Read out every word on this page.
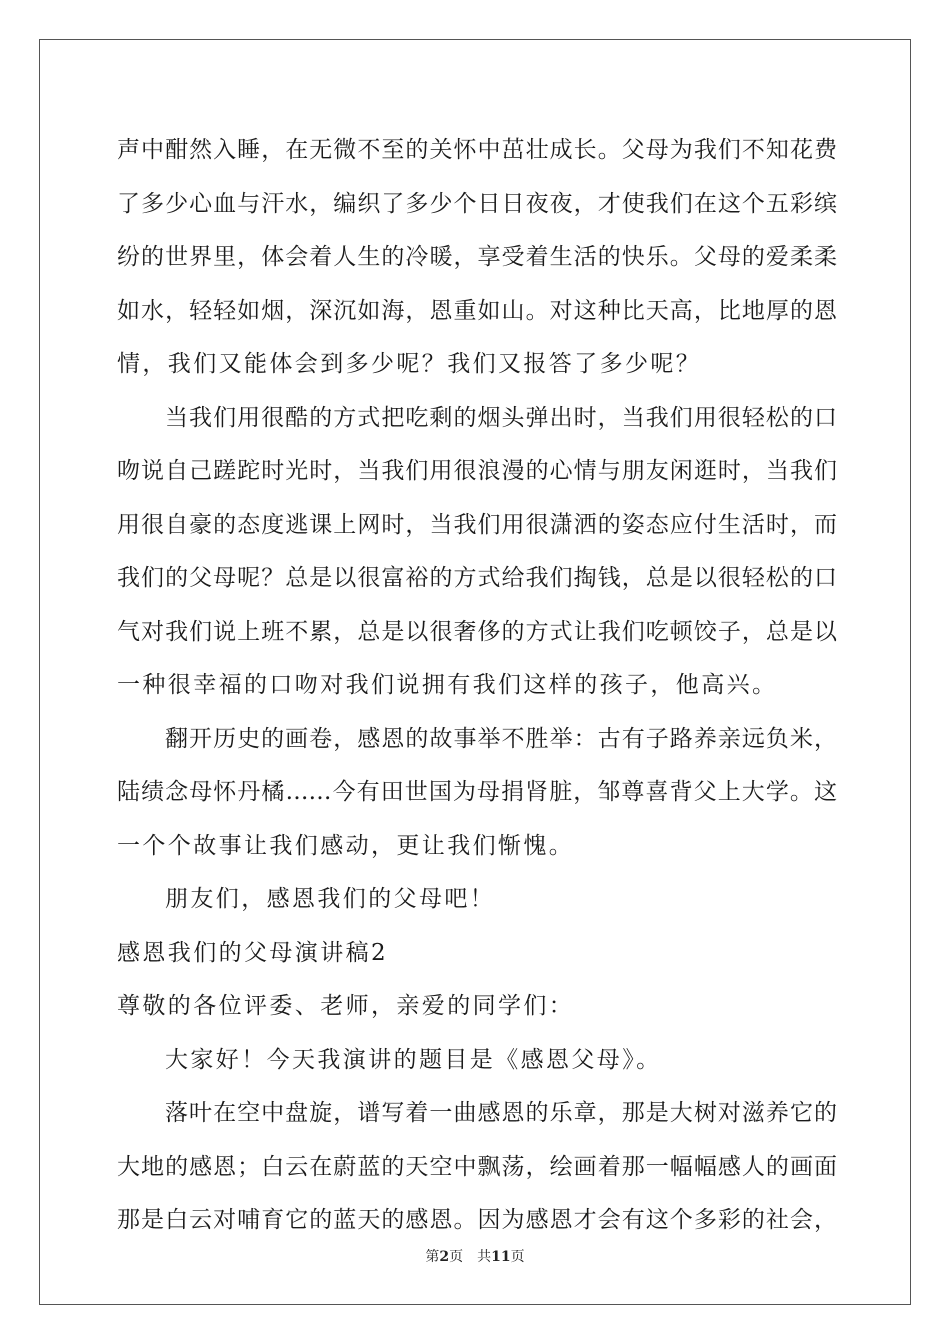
声中酣然入睡，在无微不至的关怀中茁壮成长。父母为我们不知花费
了多少心血与汗水，编织了多少个日日夜夜，才使我们在这个五彩缤
纷的世界里，体会着人生的冷暖，享受着生活的快乐。父母的爱柔柔
如水，轻轻如烟，深沉如海，恩重如山。对这种比天高，比地厚的恩
情，我们又能体会到多少呢？我们又报答了多少呢？
当我们用很酷的方式把吃剩的烟头弹出时，当我们用很轻松的口
吻说自己蹉跎时光时，当我们用很浪漫的心情与朋友闲逛时，当我们
用很自豪的态度逃课上网时，当我们用很潇洒的姿态应付生活时，而
我们的父母呢？总是以很富裕的方式给我们掏钱，总是以很轻松的口
气对我们说上班不累，总是以很奢侈的方式让我们吃顿饺子，总是以
一种很幸福的口吻对我们说拥有我们这样的孩子，他高兴。
翻开历史的画卷，感恩的故事举不胜举：古有子路养亲远负米，
陆绩念母怀丹橘……今有田世国为母捐肾脏，邹尊喜背父上大学。这
一个个故事让我们感动，更让我们惭愧。
朋友们，感恩我们的父母吧！
感恩我们的父母演讲稿2
尊敬的各位评委、老师，亲爱的同学们：
大家好！今天我演讲的题目是《感恩父母》。
落叶在空中盘旋，谱写着一曲感恩的乐章，那是大树对滋养它的
大地的感恩；白云在蔚蓝的天空中飘荡，绘画着那一幅幅感人的画面
那是白云对哺育它的蓝天的感恩。因为感恩才会有这个多彩的社会，
第2页 共11页
